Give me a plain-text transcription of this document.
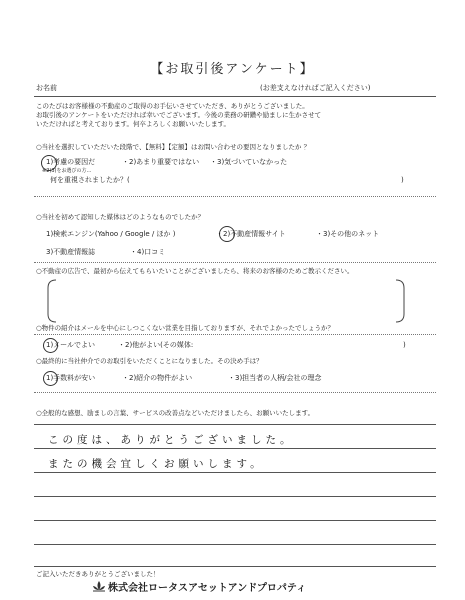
【お取引後アンケート】
お名前	(お差支えなければご記入ください)
このたびはお客様様の不動産のご取得のお手伝いさせていただき、ありがとうございました。
お取引後のアンケートをいただければ幸いでございます。今後の業務の研鑽や励ましに生かさせて
いただければと考えております。何卒よろしくお願いいたします。
○当社を選択していただいた段階で、【無料】【定額】はお問い合わせの要因となりましたか ？
1)考慮の要因だ	・2)あまり重要ではない ・3)気づいていなかった
※2)3)をお選びの方…
何を重視されましたか？(	)
○当社を初めて認知した媒体はどのようなものでしたか？
1)検索エンジン(Yahoo / Google / ほか )	・2)不動産情報サイト	・3)その他のネット
3)不動産情報誌	・4)口コミ
○不動産の広告で、最初から伝えてもらいたいことがございましたら、将来のお客様のためご教示ください。
○物件の紹介はメールを中心にしつこくない営業を目指しておりますが、それでよかったでしょうか？
1)メールでよい	・2)他がよい(その媒体:	)
○最終的に当社仲介でのお取引をいただくことになりました。その決め手は？
1)手数料が安い	・2)紹介の物件がよい	・3)担当者の人柄/会社の理念
○全般的な感想、励ましの言葉、サービスの改善点などいただけましたら、お願いいたします。
この度は、ありがとうございました。
またの機会宜しくお願いします。
ご記入いただきありがとうございました！
株式会社ロータスアセットアンドプロパティ
